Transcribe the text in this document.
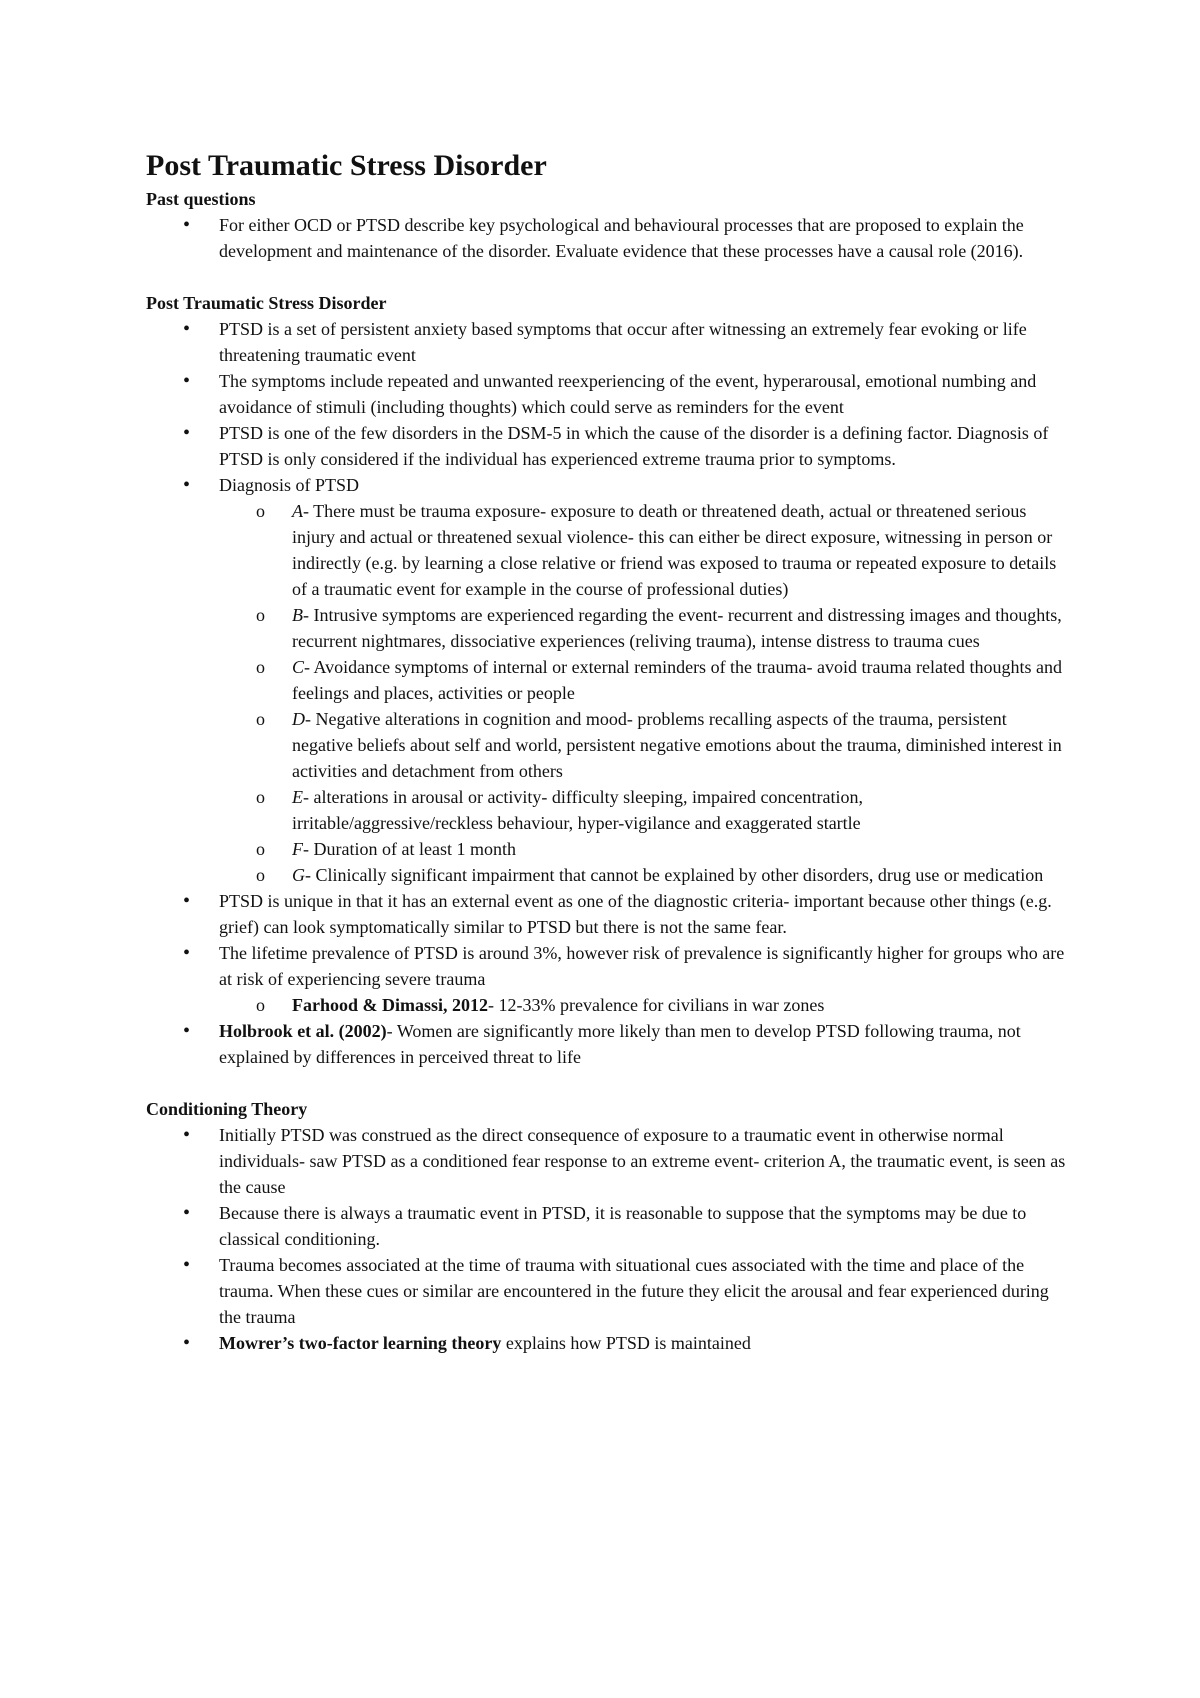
Post Traumatic Stress Disorder

Past questions

• For either OCD or PTSD describe key psychological and behavioural processes that are proposed to explain the development and maintenance of the disorder. Evaluate evidence that these processes have a causal role (2016).

Post Traumatic Stress Disorder

• PTSD is a set of persistent anxiety based symptoms that occur after witnessing an extremely fear evoking or life threatening traumatic event
• The symptoms include repeated and unwanted reexperiencing of the event, hyperarousal, emotional numbing and avoidance of stimuli (including thoughts) which could serve as reminders for the event
• PTSD is one of the few disorders in the DSM-5 in which the cause of the disorder is a defining factor. Diagnosis of PTSD is only considered if the individual has experienced extreme trauma prior to symptoms.
• Diagnosis of PTSD
o A- There must be trauma exposure- exposure to death or threatened death, actual or threatened serious injury and actual or threatened sexual violence- this can either be direct exposure, witnessing in person or indirectly (e.g. by learning a close relative or friend was exposed to trauma or repeated exposure to details of a traumatic event for example in the course of professional duties)
o B- Intrusive symptoms are experienced regarding the event- recurrent and distressing images and thoughts, recurrent nightmares, dissociative experiences (reliving trauma), intense distress to trauma cues
o C- Avoidance symptoms of internal or external reminders of the trauma- avoid trauma related thoughts and feelings and places, activities or people
o D- Negative alterations in cognition and mood- problems recalling aspects of the trauma, persistent negative beliefs about self and world, persistent negative emotions about the trauma, diminished interest in activities and detachment from others
o E- alterations in arousal or activity- difficulty sleeping, impaired concentration, irritable/aggressive/reckless behaviour, hyper-vigilance and exaggerated startle
o F- Duration of at least 1 month
o G- Clinically significant impairment that cannot be explained by other disorders, drug use or medication
• PTSD is unique in that it has an external event as one of the diagnostic criteria- important because other things (e.g. grief) can look symptomatically similar to PTSD but there is not the same fear.
• The lifetime prevalence of PTSD is around 3%, however risk of prevalence is significantly higher for groups who are at risk of experiencing severe trauma
o Farhood & Dimassi, 2012- 12-33% prevalence for civilians in war zones
• Holbrook et al. (2002)- Women are significantly more likely than men to develop PTSD following trauma, not explained by differences in perceived threat to life

Conditioning Theory

• Initially PTSD was construed as the direct consequence of exposure to a traumatic event in otherwise normal individuals- saw PTSD as a conditioned fear response to an extreme event- criterion A, the traumatic event, is seen as the cause
• Because there is always a traumatic event in PTSD, it is reasonable to suppose that the symptoms may be due to classical conditioning.
• Trauma becomes associated at the time of trauma with situational cues associated with the time and place of the trauma. When these cues or similar are encountered in the future they elicit the arousal and fear experienced during the trauma
• Mowrer’s two-factor learning theory explains how PTSD is maintained
